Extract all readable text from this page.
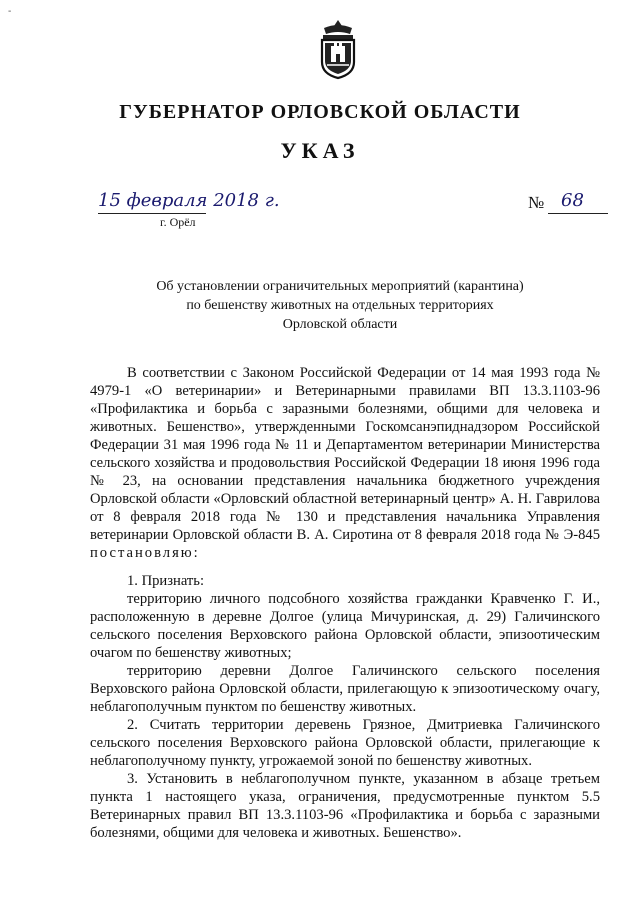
-
ГУБЕРНАТОР ОРЛОВСКОЙ ОБЛАСТИ
УКАЗ
15 февраля 2018 г.
г. Орёл
№ 68
Об установлении ограничительных мероприятий (карантина)
по бешенству животных на отдельных территориях
Орловской области

В соответствии с Законом Российской Федерации от 14 мая 1993 года № 4979-1 «О ветеринарии» и Ветеринарными правилами ВП 13.3.1103-96 «Профилактика и борьба с заразными болезнями, общими для человека и животных. Бешенство», утвержденными Госкомсанэпиднадзором Российской Федерации 31 мая 1996 года № 11 и Департаментом ветеринарии Министерства сельского хозяйства и продовольствия Российской Федерации 18 июня 1996 года № 23, на основании представления начальника бюджетного учреждения Орловской области «Орловский областной ветеринарный центр» А. Н. Гаврилова от 8 февраля 2018 года № 130 и представления начальника Управления ветеринарии Орловской области В. А. Сиротина от 8 февраля 2018 года № Э-845 постановляю:

1. Признать:

территорию личного подсобного хозяйства гражданки Кравченко Г. И., расположенную в деревне Долгое (улица Мичуринская, д. 29) Галичинского сельского поселения Верховского района Орловской области, эпизоотическим очагом по бешенству животных;

территорию деревни Долгое Галичинского сельского поселения Верховского района Орловской области, прилегающую к эпизоотическому очагу, неблагополучным пунктом по бешенству животных.

2. Считать территории деревень Грязное, Дмитриевка Галичинского сельского поселения Верховского района Орловской области, прилегающие к неблагополучному пункту, угрожаемой зоной по бешенству животных.

3. Установить в неблагополучном пункте, указанном в абзаце третьем пункта 1 настоящего указа, ограничения, предусмотренные пунктом 5.5 Ветеринарных правил ВП 13.3.1103-96 «Профилактика и борьба с заразными болезнями, общими для человека и животных. Бешенство».
